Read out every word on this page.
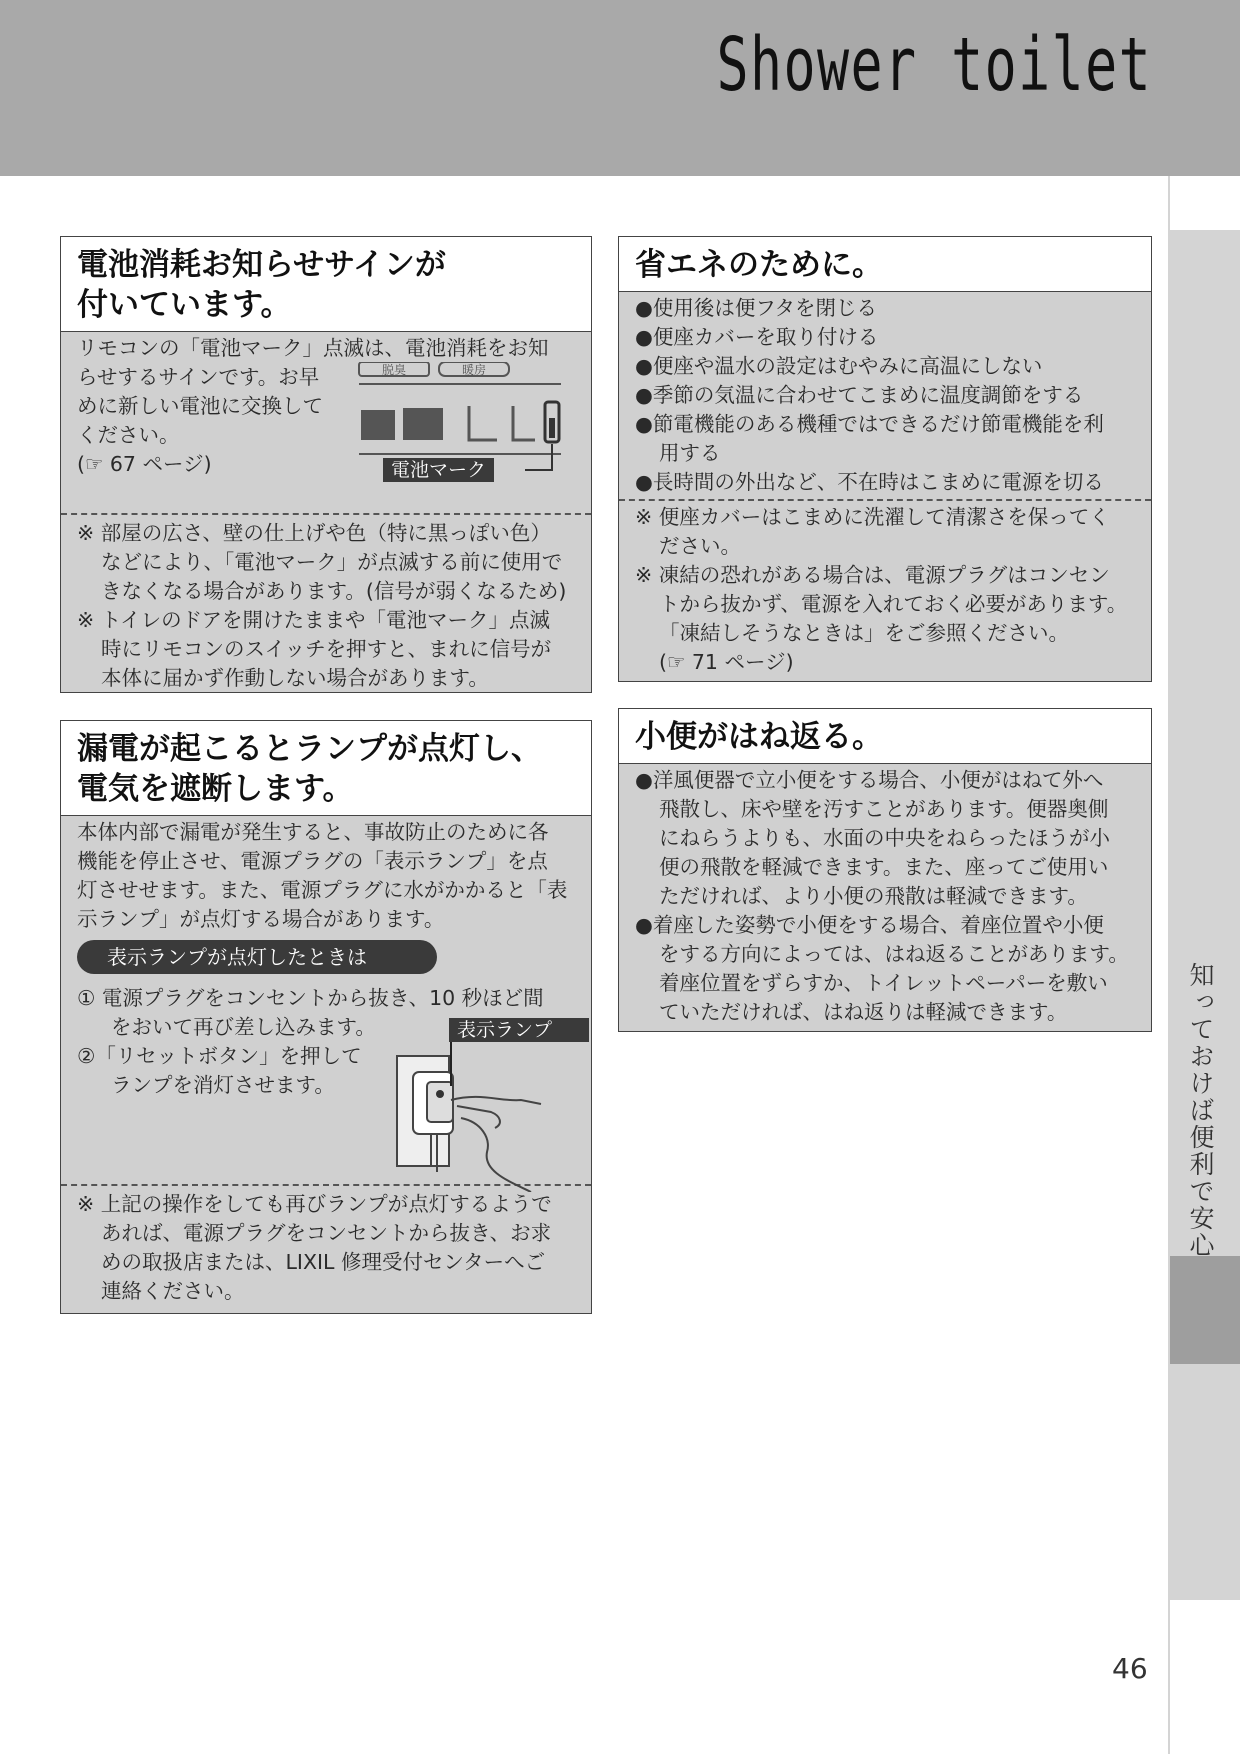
Shower toilet
知っておけば便利で安心
電池消耗お知らせサインが
付いています。

リモコンの「電池マーク」点滅は、電池消耗をお知

らせするサインです。お早

めに新しい電池に交換して

ください。

(☞ 67 ページ)

脱臭	暖房
電池マーク

※ 部屋の広さ、壁の仕上げや色（特に黒っぽい色）

などにより、「電池マーク」が点滅する前に使用で

きなくなる場合があります。(信号が弱くなるため)

※ トイレのドアを開けたままや「電池マーク」点滅

時にリモコンのスイッチを押すと、まれに信号が

本体に届かず作動しない場合があります。

漏電が起こるとランプが点灯し、
電気を遮断します。

本体内部で漏電が発生すると、事故防止のために各

機能を停止させ、電源プラグの「表示ランプ」を点

灯させせます。また、電源プラグに水がかかると「表

示ランプ」が点灯する場合があります。

表示ランプが点灯したときは

① 電源プラグをコンセントから抜き、10 秒ほど間

をおいて再び差し込みます。

②「リセットボタン」を押して

ランプを消灯させます。

表示ランプ

※ 上記の操作をしても再びランプが点灯するようで

あれば、電源プラグをコンセントから抜き、お求

めの取扱店または、LIXIL 修理受付センターへご

連絡ください。

省エネのために。

●使用後は便フタを閉じる

●便座カバーを取り付ける

●便座や温水の設定はむやみに高温にしない

●季節の気温に合わせてこまめに温度調節をする

●節電機能のある機種ではできるだけ節電機能を利

用する

●長時間の外出など、不在時はこまめに電源を切る

※ 便座カバーはこまめに洗濯して清潔さを保ってく

ださい。

※ 凍結の恐れがある場合は、電源プラグはコンセン

トから抜かず、電源を入れておく必要があります。

「凍結しそうなときは」をご参照ください。

(☞ 71 ページ)

小便がはね返る。

●洋風便器で立小便をする場合、小便がはねて外へ

飛散し、床や壁を汚すことがあります。便器奥側

にねらうよりも、水面の中央をねらったほうが小

便の飛散を軽減できます。また、座ってご使用い

ただければ、より小便の飛散は軽減できます。

●着座した姿勢で小便をする場合、着座位置や小便

をする方向によっては、はね返ることがあります。

着座位置をずらすか、トイレットペーパーを敷い

ていただければ、はね返りは軽減できます。

46
